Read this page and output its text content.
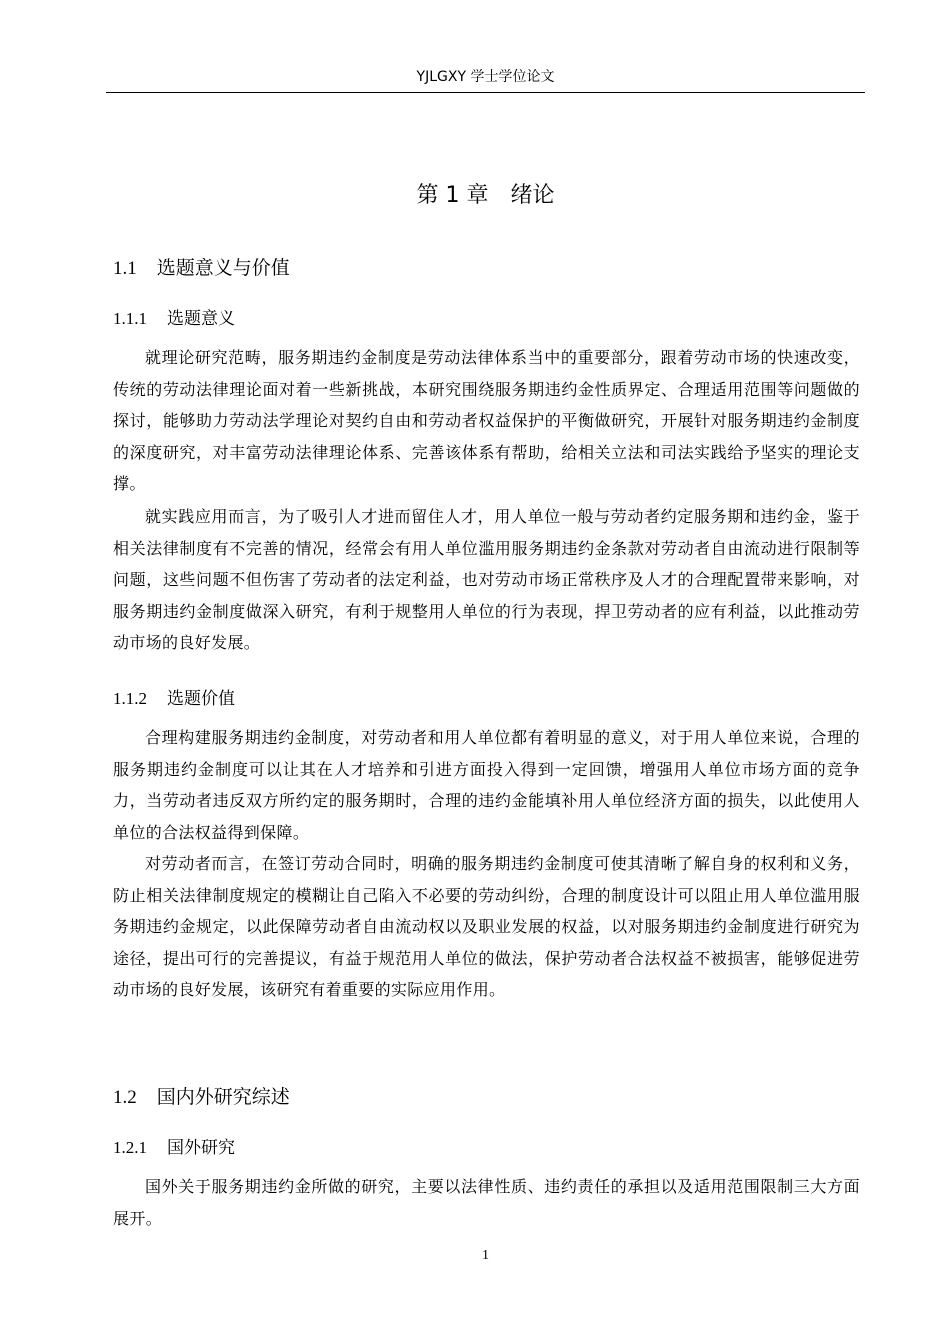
YJLGXY 学士学位论文
第 1 章 绪论
1.1 选题意义与价值
1.1.1 选题意义

就理论研究范畴，服务期违约金制度是劳动法律体系当中的重要部分，跟着劳动市场的快速改变，传统的劳动法律理论面对着一些新挑战，本研究围绕服务期违约金性质界定、合理适用范围等问题做的探讨，能够助力劳动法学理论对契约自由和劳动者权益保护的平衡做研究，开展针对服务期违约金制度的深度研究，对丰富劳动法律理论体系、完善该体系有帮助，给相关立法和司法实践给予坚实的理论支撑。

就实践应用而言，为了吸引人才进而留住人才，用人单位一般与劳动者约定服务期和违约金，鉴于相关法律制度有不完善的情况，经常会有用人单位滥用服务期违约金条款对劳动者自由流动进行限制等问题，这些问题不但伤害了劳动者的法定利益，也对劳动市场正常秩序及人才的合理配置带来影响，对服务期违约金制度做深入研究，有利于规整用人单位的行为表现，捍卫劳动者的应有利益，以此推动劳动市场的良好发展。

1.1.2 选题价值

合理构建服务期违约金制度，对劳动者和用人单位都有着明显的意义，对于用人单位来说，合理的服务期违约金制度可以让其在人才培养和引进方面投入得到一定回馈，增强用人单位市场方面的竞争力，当劳动者违反双方所约定的服务期时，合理的违约金能填补用人单位经济方面的损失，以此使用人单位的合法权益得到保障。

对劳动者而言，在签订劳动合同时，明确的服务期违约金制度可使其清晰了解自身的权利和义务，防止相关法律制度规定的模糊让自己陷入不必要的劳动纠纷，合理的制度设计可以阻止用人单位滥用服务期违约金规定，以此保障劳动者自由流动权以及职业发展的权益，以对服务期违约金制度进行研究为途径，提出可行的完善提议，有益于规范用人单位的做法，保护劳动者合法权益不被损害，能够促进劳动市场的良好发展，该研究有着重要的实际应用作用。

1.2 国内外研究综述
1.2.1 国外研究

国外关于服务期违约金所做的研究，主要以法律性质、违约责任的承担以及适用范围限制三大方面展开。

1
